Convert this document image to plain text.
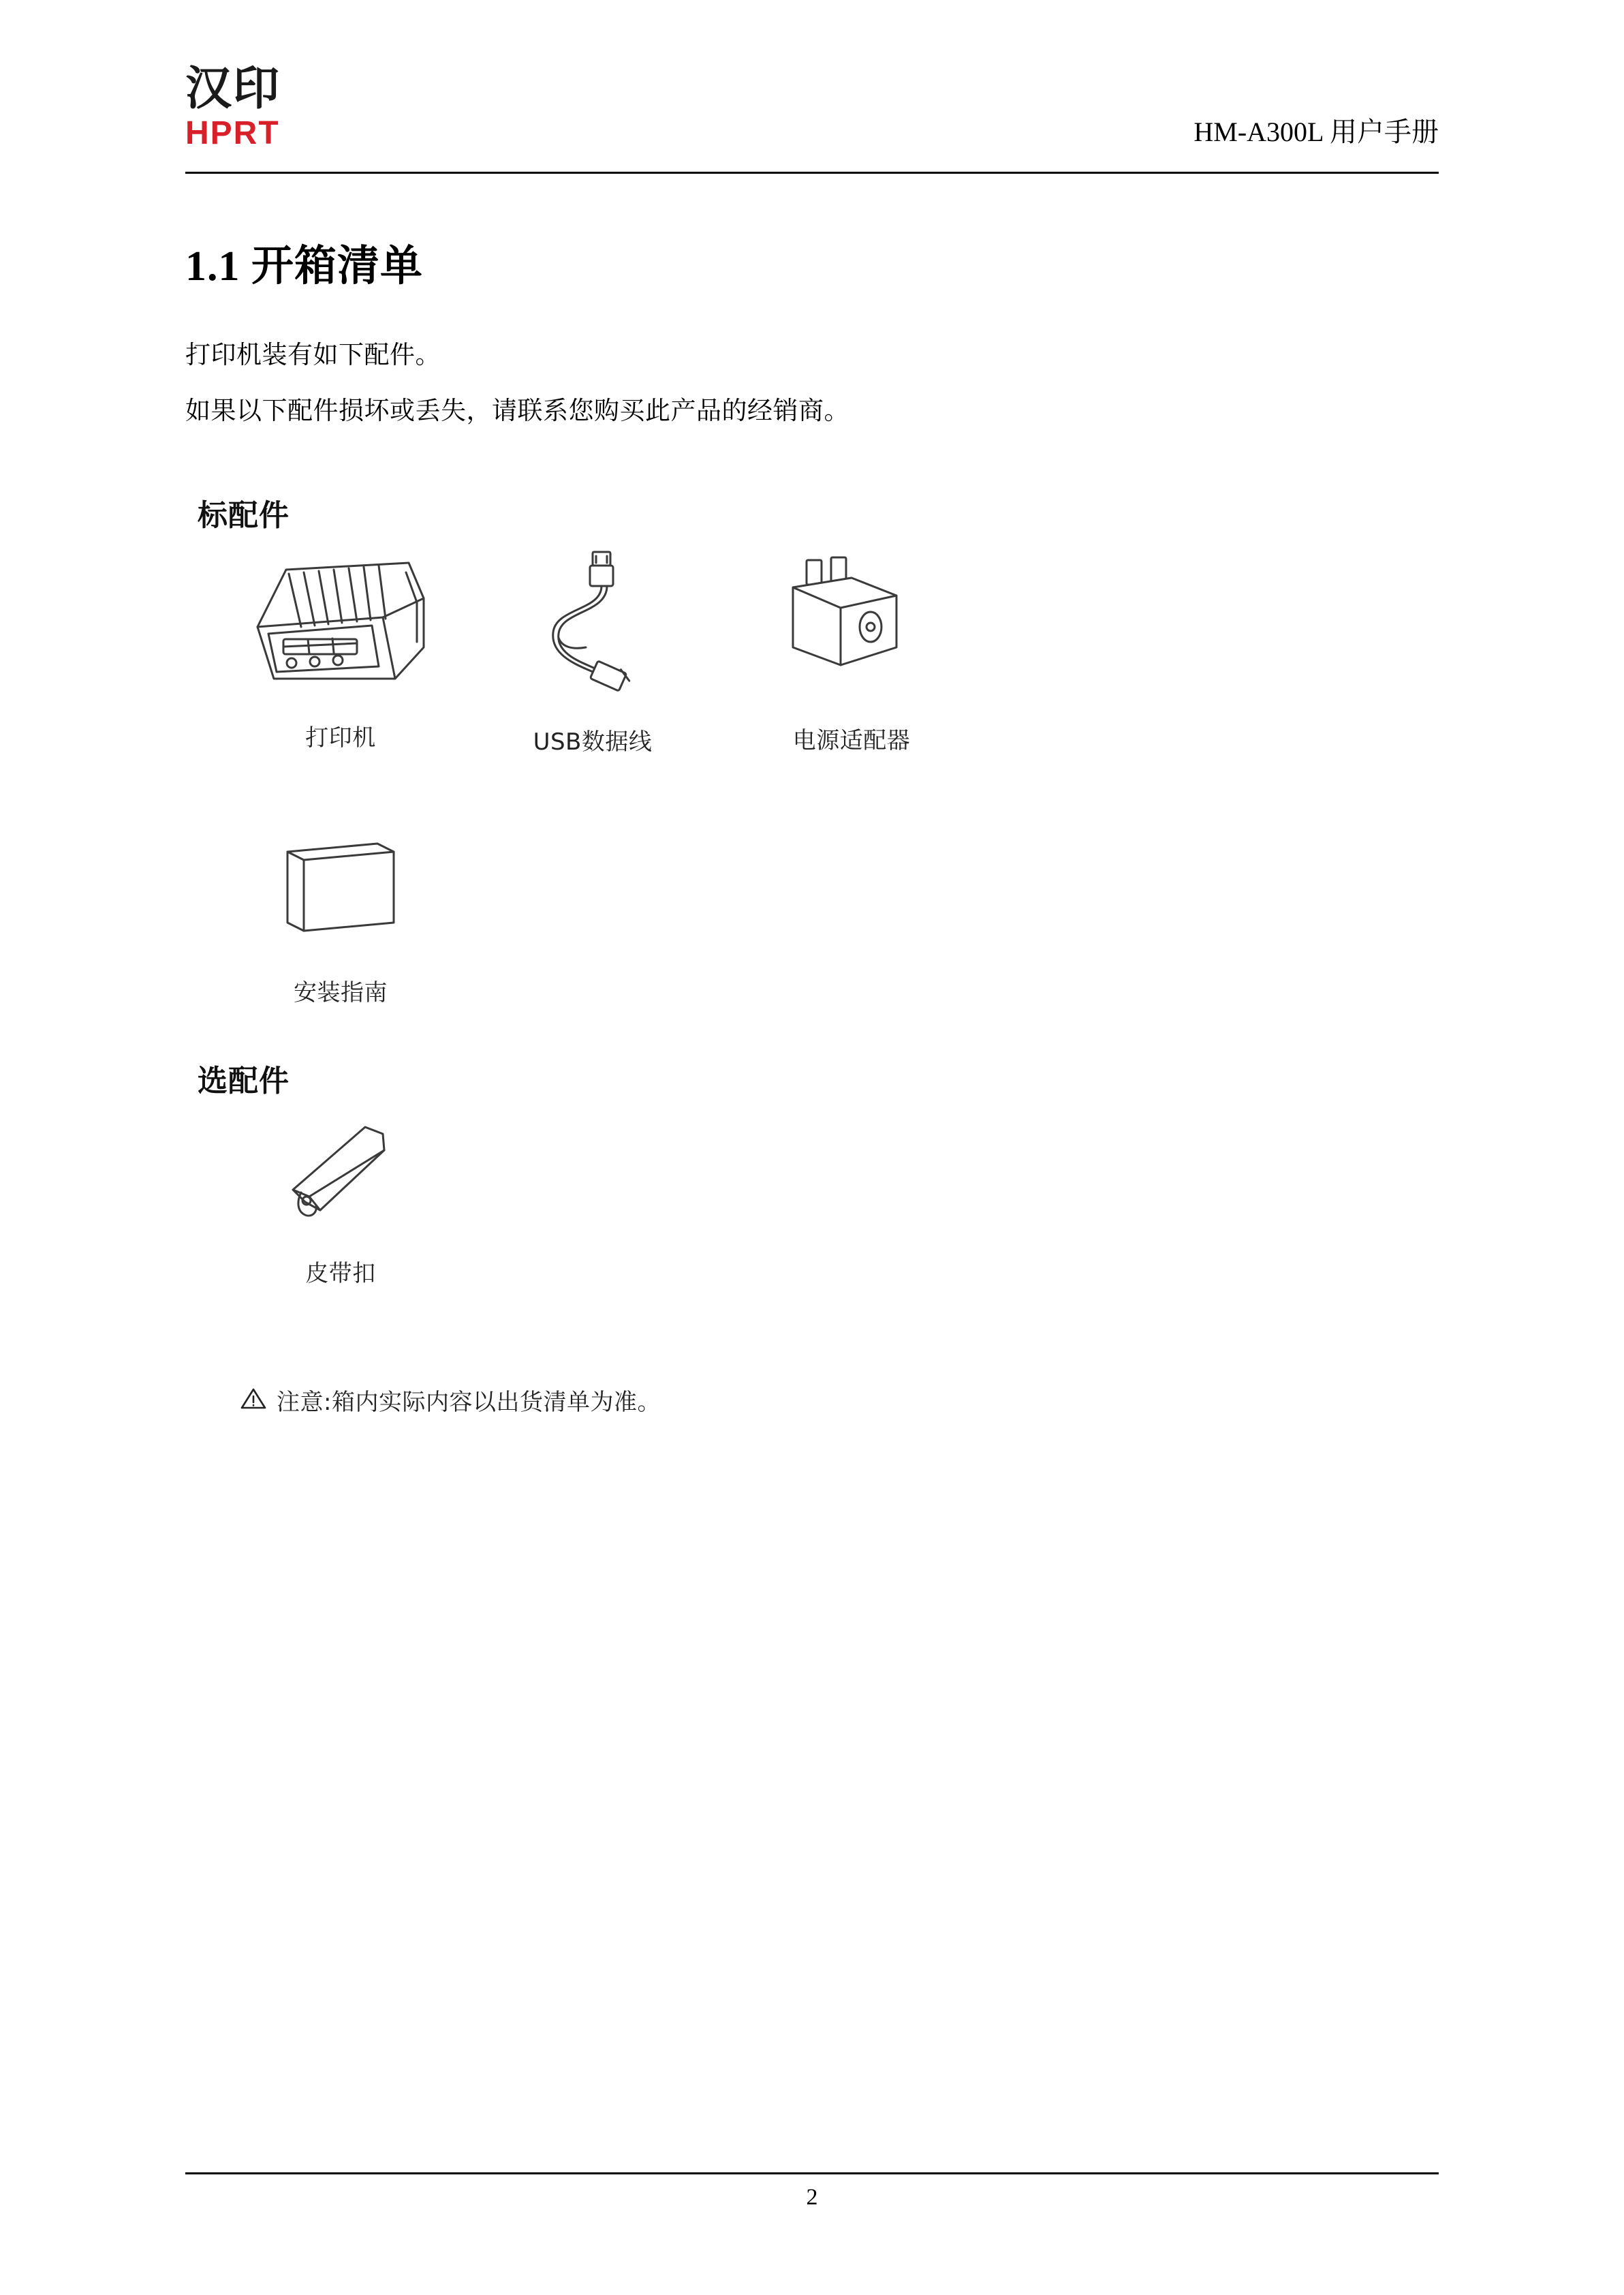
汉印
HPRT	HM-A300L 用户手册
1.1 开箱清单
打印机装有如下配件。
如果以下配件损坏或丢失，请联系您购买此产品的经销商。
标配件
打印机	USB数据线	电源适配器
安装指南
选配件
皮带扣
注意:箱内实际内容以出货清单为准。
2
